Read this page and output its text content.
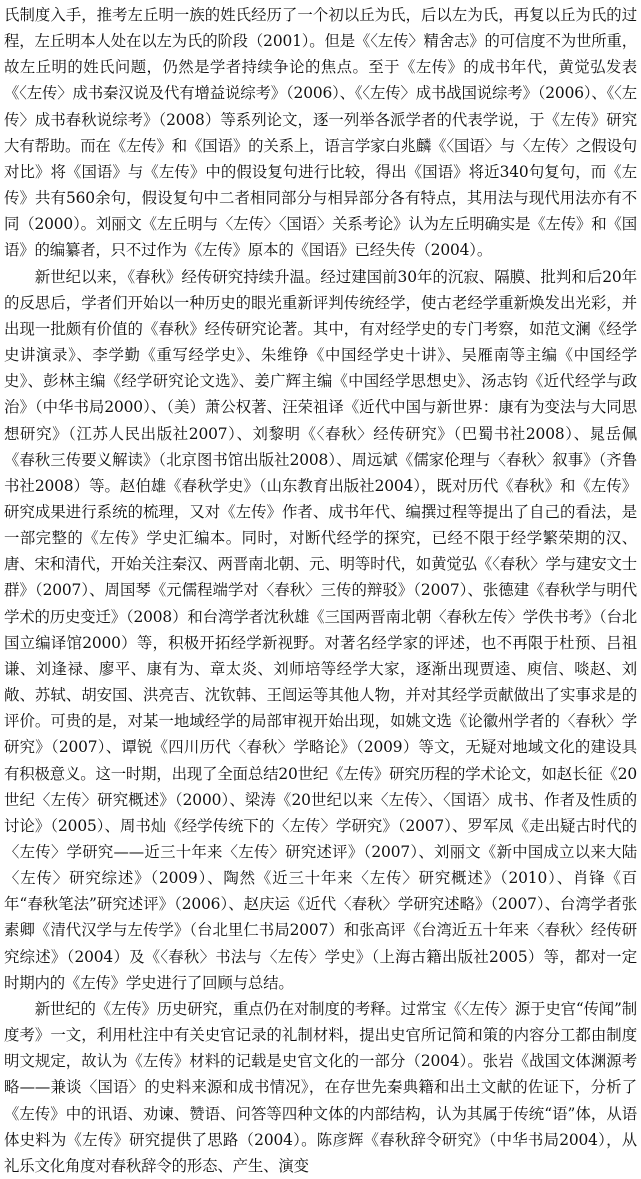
氏制度入手，推考左丘明一族的姓氏经历了一个初以丘为氏，后以左为氏，再复以丘为氏的过程，左丘明本人处在以左为氏的阶段（2001）。但是《〈左传〉精舍志》的可信度不为世所重，故左丘明的姓氏问题，仍然是学者持续争论的焦点。至于《左传》的成书年代，黄觉弘发表《〈左传〉成书秦汉说及代有增益说综考》（2006）、《〈左传〉成书战国说综考》（2006）、《〈左传〉成书春秋说综考》（2008）等系列论文，逐一列举各派学者的代表学说，于《左传》研究大有帮助。而在《左传》和《国语》的关系上，语言学家白兆麟《〈国语〉与〈左传〉之假设句对比》将《国语》与《左传》中的假设复句进行比较，得出《国语》将近340句复句，而《左传》共有560余句，假设复句中二者相同部分与相异部分各有特点，其用法与现代用法亦有不同（2000）。刘丽文《左丘明与〈左传〉〈国语〉关系考论》认为左丘明确实是《左传》和《国语》的编纂者，只不过作为《左传》原本的《国语》已经失传（2004）。

新世纪以来，《春秋》经传研究持续升温。经过建国前30年的沉寂、隔膜、批判和后20年的反思后，学者们开始以一种历史的眼光重新评判传统经学，使古老经学重新焕发出光彩，并出现一批颇有价值的《春秋》经传研究论著。其中，有对经学史的专门考察，如范文澜《经学史讲演录》、李学勤《重写经学史》、朱维铮《中国经学史十讲》、吴雁南等主编《中国经学史》、彭林主编《经学研究论文选》、姜广辉主编《中国经学思想史》、汤志钧《近代经学与政治》（中华书局2000）、（美）萧公权著、汪荣祖译《近代中国与新世界：康有为变法与大同思想研究》（江苏人民出版社2007）、刘黎明《〈春秋〉经传研究》（巴蜀书社2008）、晁岳佩《春秋三传要义解读》（北京图书馆出版社2008）、周远斌《儒家伦理与〈春秋〉叙事》（齐鲁书社2008）等。赵伯雄《春秋学史》（山东教育出版社2004），既对历代《春秋》和《左传》研究成果进行系统的梳理，又对《左传》作者、成书年代、编撰过程等提出了自己的看法，是一部完整的《左传》学史汇编本。同时，对断代经学的探究，已经不限于经学繁荣期的汉、唐、宋和清代，开始关注秦汉、两晋南北朝、元、明等时代，如黄觉弘《〈春秋〉学与建安文士群》（2007）、周国琴《元儒程端学对〈春秋〉三传的辩驳》（2007）、张德建《春秋学与明代学术的历史变迁》（2008）和台湾学者沈秋雄《三国两晋南北朝〈春秋左传〉学佚书考》（台北国立编译馆2000）等，积极开拓经学新视野。对著名经学家的评述，也不再限于杜预、吕祖谦、刘逢禄、廖平、康有为、章太炎、刘师培等经学大家，逐渐出现贾逵、庾信、啖赵、刘敞、苏轼、胡安国、洪亮吉、沈钦韩、王闿运等其他人物，并对其经学贡献做出了实事求是的评价。可贵的是，对某一地域经学的局部审视开始出现，如姚文选《论徽州学者的〈春秋〉学研究》（2007）、谭锐《四川历代〈春秋〉学略论》（2009）等文，无疑对地域文化的建设具有积极意义。这一时期，出现了全面总结20世纪《左传》研究历程的学术论文，如赵长征《20世纪〈左传〉研究概述》（2000）、梁涛《20世纪以来〈左传〉、〈国语〉成书、作者及性质的讨论》（2005）、周书灿《经学传统下的〈左传〉学研究》（2007）、罗军凤《走出疑古时代的〈左传〉学研究——近三十年来〈左传〉研究述评》（2007）、刘丽文《新中国成立以来大陆〈左传〉研究综述》（2009）、陶然《近三十年来〈左传〉研究概述》（2010）、肖锋《百年“春秋笔法”研究述评》（2006）、赵庆运《近代〈春秋〉学研究述略》（2007）、台湾学者张素卿《清代汉学与左传学》（台北里仁书局2007）和张高评《台湾近五十年来〈春秋〉经传研究综述》（2004）及《〈春秋〉书法与〈左传〉学史》（上海古籍出版社2005）等，都对一定时期内的《左传》学史进行了回顾与总结。

新世纪的《左传》历史研究，重点仍在对制度的考释。过常宝《〈左传〉源于史官“传闻”制度考》一文，利用杜注中有关史官记录的礼制材料，提出史官所记简和策的内容分工都由制度明文规定，故认为《左传》材料的记载是史官文化的一部分（2004）。张岩《战国文体渊源考略——兼谈〈国语〉的史料来源和成书情况》，在存世先秦典籍和出土文献的佐证下，分析了《左传》中的讯语、劝谏、赞语、问答等四种文体的内部结构，认为其属于传统“语”体，从语体史料为《左传》研究提供了思路（2004）。陈彦辉《春秋辞令研究》（中华书局2004），从礼乐文化角度对春秋辞令的形态、产生、演变
